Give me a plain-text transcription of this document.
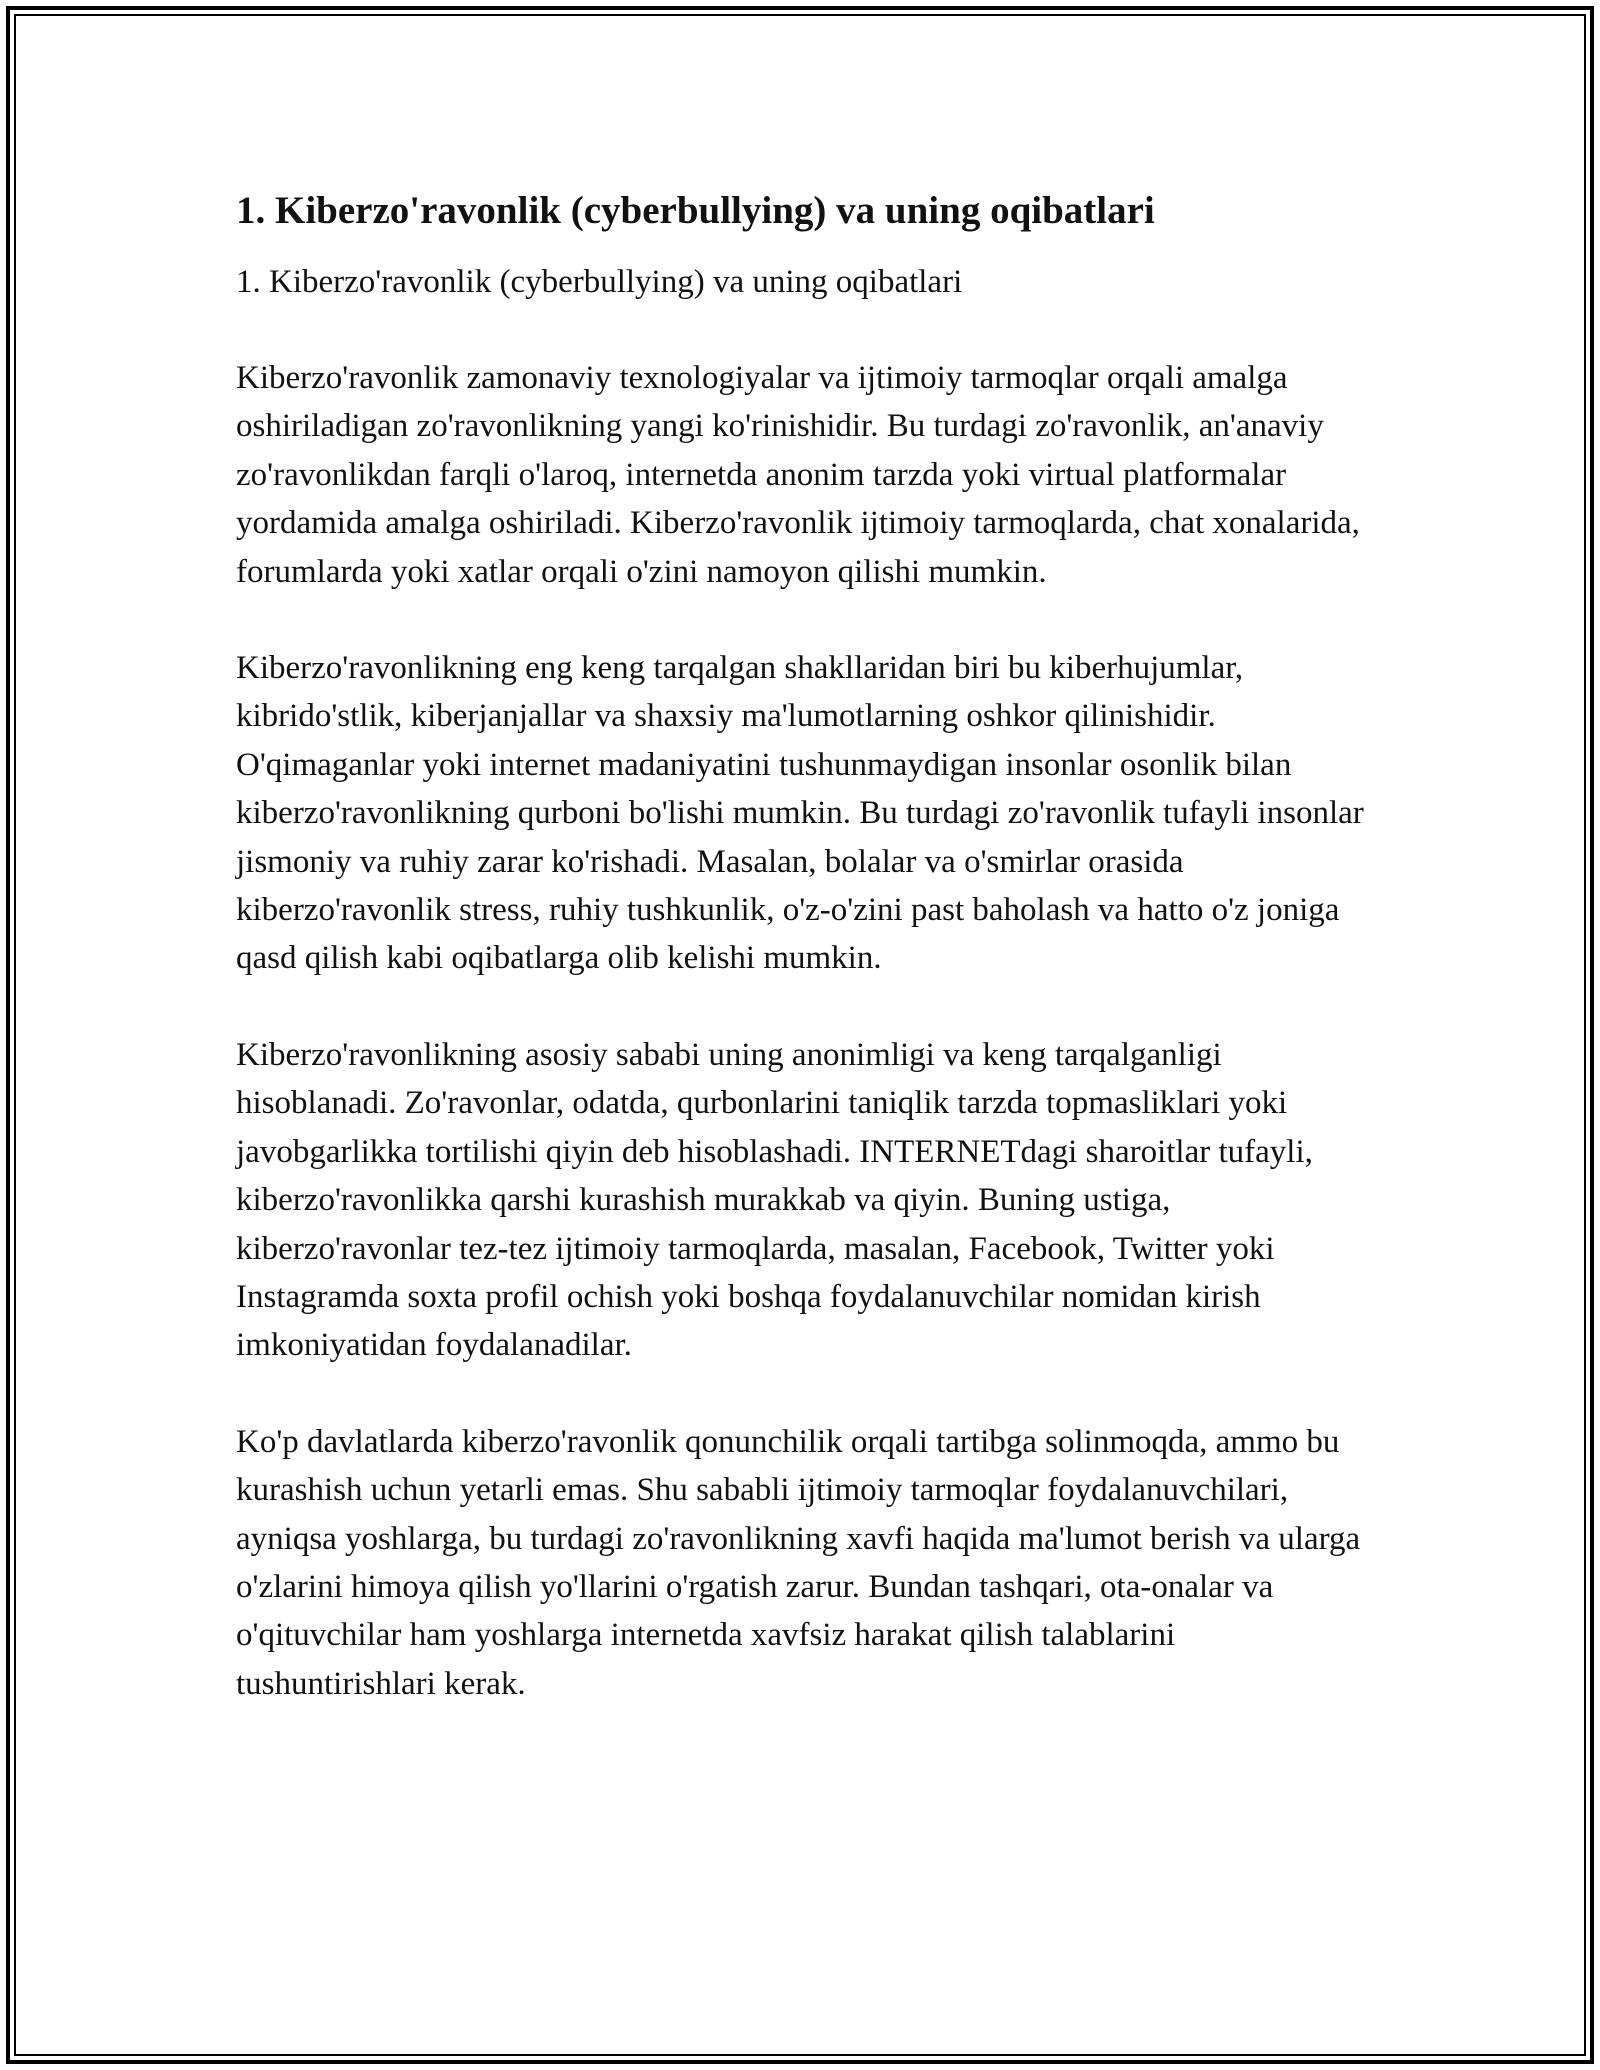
1. Kiberzo'ravonlik (cyberbullying) va uning oqibatlari

1. Kiberzo'ravonlik (cyberbullying) va uning oqibatlari

Kiberzo'ravonlik zamonaviy texnologiyalar va ijtimoiy tarmoqlar orqali amalga oshiriladigan zo'ravonlikning yangi ko'rinishidir. Bu turdagi zo'ravonlik, an'anaviy zo'ravonlikdan farqli o'laroq, internetda anonim tarzda yoki virtual platformalar yordamida amalga oshiriladi. Kiberzo'ravonlik ijtimoiy tarmoqlarda, chat xonalarida, forumlarda yoki xatlar orqali o'zini namoyon qilishi mumkin.

Kiberzo'ravonlikning eng keng tarqalgan shakllaridan biri bu kiberhujumlar, kibrido'stlik, kiberjanjallar va shaxsiy ma'lumotlarning oshkor qilinishidir. O'qimaganlar yoki internet madaniyatini tushunmaydigan insonlar osonlik bilan kiberzo'ravonlikning qurboni bo'lishi mumkin. Bu turdagi zo'ravonlik tufayli insonlar jismoniy va ruhiy zarar ko'rishadi. Masalan, bolalar va o'smirlar orasida kiberzo'ravonlik stress, ruhiy tushkunlik, o'z-o'zini past baholash va hatto o'z joniga qasd qilish kabi oqibatlarga olib kelishi mumkin.

Kiberzo'ravonlikning asosiy sababi uning anonimligi va keng tarqalganligi hisoblanadi. Zo'ravonlar, odatda, qurbonlarini taniqlik tarzda topmasliklari yoki javobgarlikka tortilishi qiyin deb hisoblashadi. INTERNETdagi sharoitlar tufayli, kiberzo'ravonlikka qarshi kurashish murakkab va qiyin. Buning ustiga, kiberzo'ravonlar tez-tez ijtimoiy tarmoqlarda, masalan, Facebook, Twitter yoki Instagramda soxta profil ochish yoki boshqa foydalanuvchilar nomidan kirish imkoniyatidan foydalanadilar.

Ko'p davlatlarda kiberzo'ravonlik qonunchilik orqali tartibga solinmoqda, ammo bu kurashish uchun yetarli emas. Shu sababli ijtimoiy tarmoqlar foydalanuvchilari, ayniqsa yoshlarga, bu turdagi zo'ravonlikning xavfi haqida ma'lumot berish va ularga o'zlarini himoya qilish yo'llarini o'rgatish zarur. Bundan tashqari, ota-onalar va o'qituvchilar ham yoshlarga internetda xavfsiz harakat qilish talablarini tushuntirishlari kerak.
